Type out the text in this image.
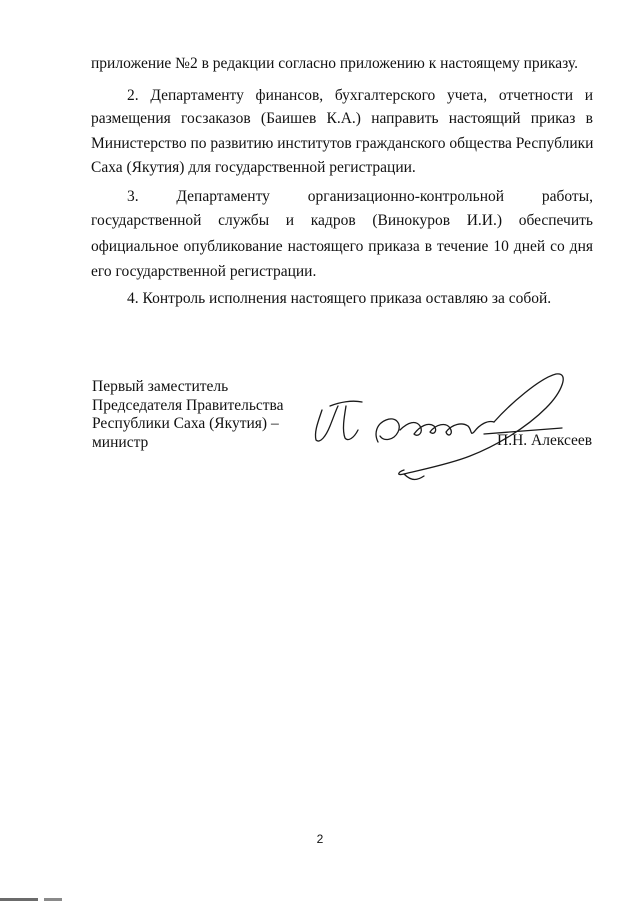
приложение №2 в редакции согласно приложению к настоящему приказу.
2. Департаменту финансов, бухгалтерского учета, отчетности и
размещения госзаказов (Баишев К.А.) направить настоящий приказ в
Министерство по развитию институтов гражданского общества Республики
Саха (Якутия) для государственной регистрации.
3. Департаменту организационно-контрольной работы,
государственной службы и кадров (Винокуров И.И.) обеспечить
официальное опубликование настоящего приказа в течение 10 дней со дня
его государственной регистрации.
4. Контроль исполнения настоящего приказа оставляю за собой.
Первый заместитель
Председателя Правительства
Республики Саха (Якутия) –
министр	П.Н. Алексеев
2
